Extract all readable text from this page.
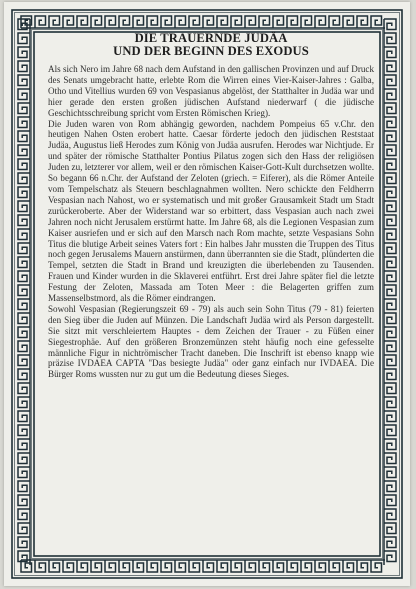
DIE TRAUERNDE JUDÄA
UND DER BEGINN DES EXODUS

Als sich Nero im Jahre 68 nach dem Aufstand in den gallischen Provinzen und auf Druck des Senats umgebracht hatte, erlebte Rom die Wirren eines Vier-Kaiser-Jahres : Galba, Otho und Vitellius wurden 69 von Vespasianus abgelöst, der Statthalter in Judäa war und hier gerade den ersten großen jüdischen Aufstand niederwarf ( die jüdische Geschichtsschreibung spricht vom Ersten Römischen Krieg).

Die Juden waren von Rom abhängig geworden, nachdem Pompeius 65 v.Chr. den heutigen Nahen Osten erobert hatte. Caesar förderte jedoch den jüdischen Reststaat Judäa, Augustus ließ Herodes zum König von Judäa ausrufen. Herodes war Nichtjude. Er und später der römische Statthalter Pontius Pilatus zogen sich den Hass der religiösen Juden zu, letzterer vor allem, weil er den römischen Kaiser-Gott-Kult durchsetzen wollte. So begann 66 n.Chr. der Aufstand der Zeloten (griech. = Eiferer), als die Römer Anteile vom Tempelschatz als Steuern beschlagnahmen wollten. Nero schickte den Feldherrn Vespasian nach Nahost, wo er systematisch und mit großer Grausamkeit Stadt um Stadt zurückeroberte. Aber der Widerstand war so erbittert, dass Vespasian auch nach zwei Jahren noch nicht Jerusalem erstürmt hatte. Im Jahre 68, als die Legionen Vespasian zum Kaiser ausriefen und er sich auf den Marsch nach Rom machte, setzte Vespasians Sohn Titus die blutige Arbeit seines Vaters fort : Ein halbes Jahr mussten die Truppen des Titus noch gegen Jerusalems Mauern anstürmen, dann überrannten sie die Stadt, plünderten die Tempel, setzten die Stadt in Brand und kreuzigten die überlebenden zu Tausenden. Frauen und Kinder wurden in die Sklaverei entführt. Erst drei Jahre später fiel die letzte Festung der Zeloten, Massada am Toten Meer : die Belagerten griffen zum Massenselbstmord, als die Römer eindrangen.

Sowohl Vespasian (Regierungszeit 69 - 79) als auch sein Sohn Titus (79 - 81) feierten den Sieg über die Juden auf Münzen. Die Landschaft Judäa wird als Person dargestellt. Sie sitzt mit verschleiertem Hauptes - dem Zeichen der Trauer - zu Füßen einer Siegestrophäe. Auf den größeren Bronzemünzen steht häufig noch eine gefesselte männliche Figur in nichtrömischer Tracht daneben. Die Inschrift ist ebenso knapp wie präzise IVDAEA CAPTA "Das besiegte Judäa" oder ganz einfach nur IVDAEA. Die Bürger Roms wussten nur zu gut um die Bedeutung dieses Sieges.
